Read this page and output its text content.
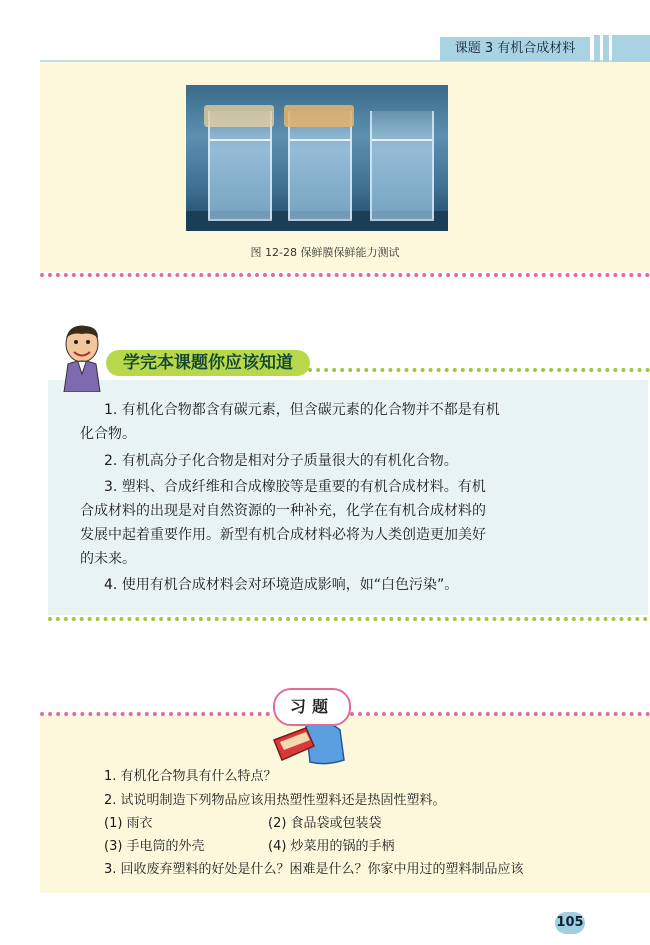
课题 3 有机合成材料
图 12-28 保鲜膜保鲜能力测试
学完本课题你应该知道
1. 有机化合物都含有碳元素，但含碳元素的化合物并不都是有机
化合物。
2. 有机高分子化合物是相对分子质量很大的有机化合物。
3. 塑料、合成纤维和合成橡胶等是重要的有机合成材料。有机
合成材料的出现是对自然资源的一种补充，化学在有机合成材料的
发展中起着重要作用。新型有机合成材料必将为人类创造更加美好
的未来。
4. 使用有机合成材料会对环境造成影响，如“白色污染”。
习题
1. 有机化合物具有什么特点？
2. 试说明制造下列物品应该用热塑性塑料还是热固性塑料。
(1) 雨衣	(2) 食品袋或包装袋
(3) 手电筒的外壳	(4) 炒菜用的锅的手柄
3. 回收废弃塑料的好处是什么？困难是什么？你家中用过的塑料制品应该
105
